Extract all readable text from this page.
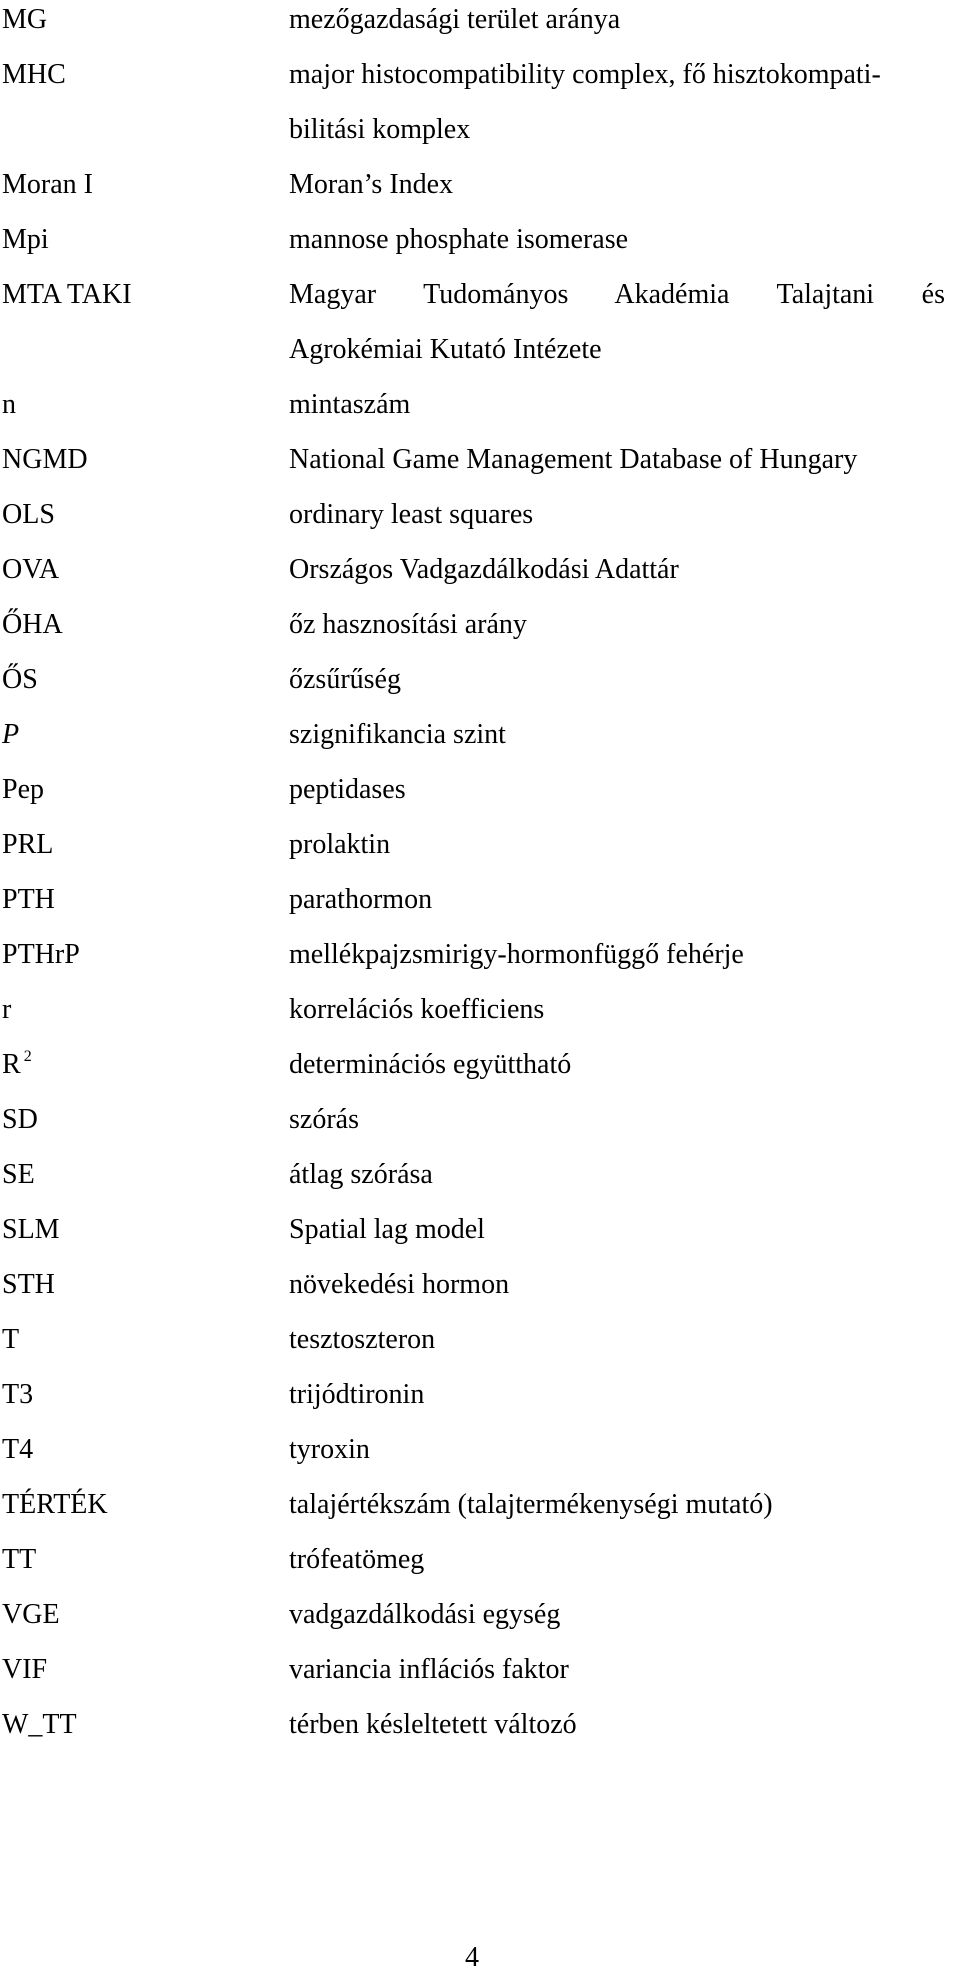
MG	mezőgazdasági terület aránya
MHC	major histocompatibility complex, fő hisztokompati-
bilitási komplex
Moran I	Moran’s Index
Mpi	mannose phosphate isomerase
MTA TAKI	Magyar Tudományos Akadémia Talajtani és
Agrokémiai Kutató Intézete
n	mintaszám
NGMD	National Game Management Database of Hungary
OLS	ordinary least squares
OVA	Országos Vadgazdálkodási Adattár
ŐHA	őz hasznosítási arány
ŐS	őzsűrűség
P	szignifikancia szint
Pep	peptidases
PRL	prolaktin
PTH	parathormon
PTHrP	mellékpajzsmirigy-hormonfüggő fehérje
r	korrelációs koefficiens
R $^2$	determinációs együttható
SD	szórás
SE	átlag szórása
SLM	Spatial lag model
STH	növekedési hormon
T	tesztoszteron
T3	trijódtironin
T4	tyroxin
TÉRTÉK	talajértékszám (talajtermékenységi mutató)
TT	trófeatömeg
VGE	vadgazdálkodási egység
VIF	variancia inflációs faktor
W_TT	térben késleltetett változó
4
